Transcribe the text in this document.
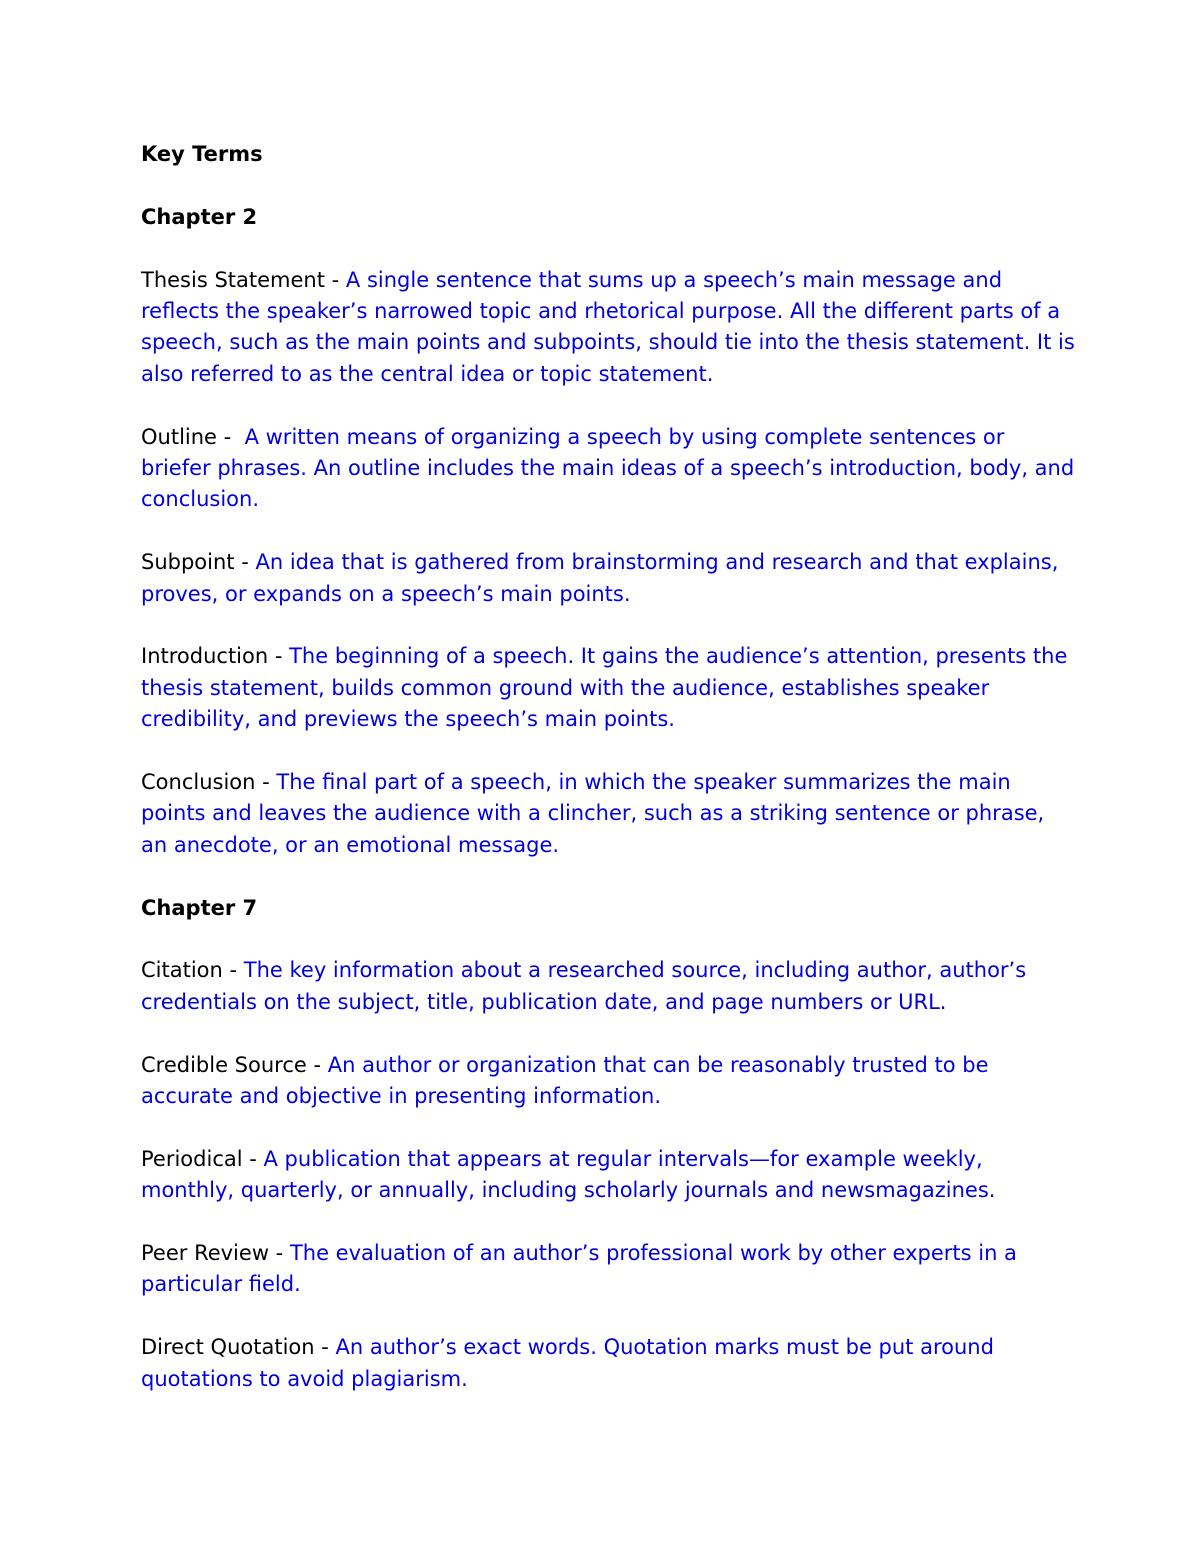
Key Terms
Chapter 2

Thesis Statement - A single sentence that sums up a speech’s main message and reflects the speaker’s narrowed topic and rhetorical purpose. All the different parts of a speech, such as the main points and subpoints, should tie into the thesis statement. It is also referred to as the central idea or topic statement.

Outline -  A written means of organizing a speech by using complete sentences or briefer phrases. An outline includes the main ideas of a speech’s introduction, body, and conclusion.

Subpoint - An idea that is gathered from brainstorming and research and that explains, proves, or expands on a speech’s main points.

Introduction - The beginning of a speech. It gains the audience’s attention, presents the thesis statement, builds common ground with the audience, establishes speaker credibility, and previews the speech’s main points.

Conclusion - The final part of a speech, in which the speaker summarizes the main points and leaves the audience with a clincher, such as a striking sentence or phrase, an anecdote, or an emotional message.

Chapter 7

Citation - The key information about a researched source, including author, author’s credentials on the subject, title, publication date, and page numbers or URL.

Credible Source - An author or organization that can be reasonably trusted to be accurate and objective in presenting information.

Periodical - A publication that appears at regular intervals—for example weekly, monthly, quarterly, or annually, including scholarly journals and newsmagazines.

Peer Review - The evaluation of an author’s professional work by other experts in a particular field.

Direct Quotation - An author’s exact words. Quotation marks must be put around quotations to avoid plagiarism.
